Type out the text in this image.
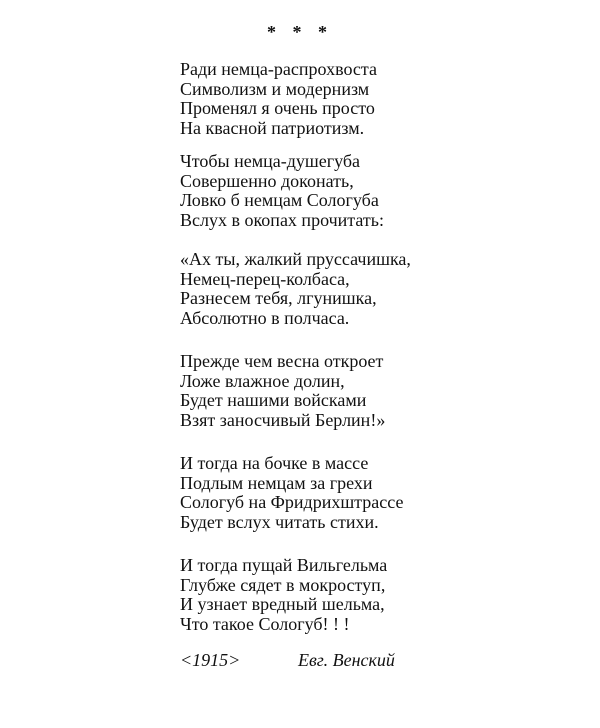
* * *
Ради немца-распрохвоста
Символизм и модернизм
Променял я очень просто
На квасной патриотизм.
Чтобы немца-душегуба
Совершенно доконать,
Ловко б немцам Сологуба
Вслух в окопах прочитать:
«Ах ты, жалкий пруссачишка,
Немец-перец-колбаса,
Разнесем тебя, лгунишка,
Абсолютно в полчаса.
Прежде чем весна откроет
Ложе влажное долин,
Будет нашими войсками
Взят заносчивый Берлин!»
И тогда на бочке в массе
Подлым немцам за грехи
Сологуб на Фридрихштрассе
Будет вслух читать стихи.
И тогда пущай Вильгельма
Глубже сядет в мокроступ,
И узнает вредный шельма,
Что такое Сологуб! ! !
<1915>	Евг. Венский
